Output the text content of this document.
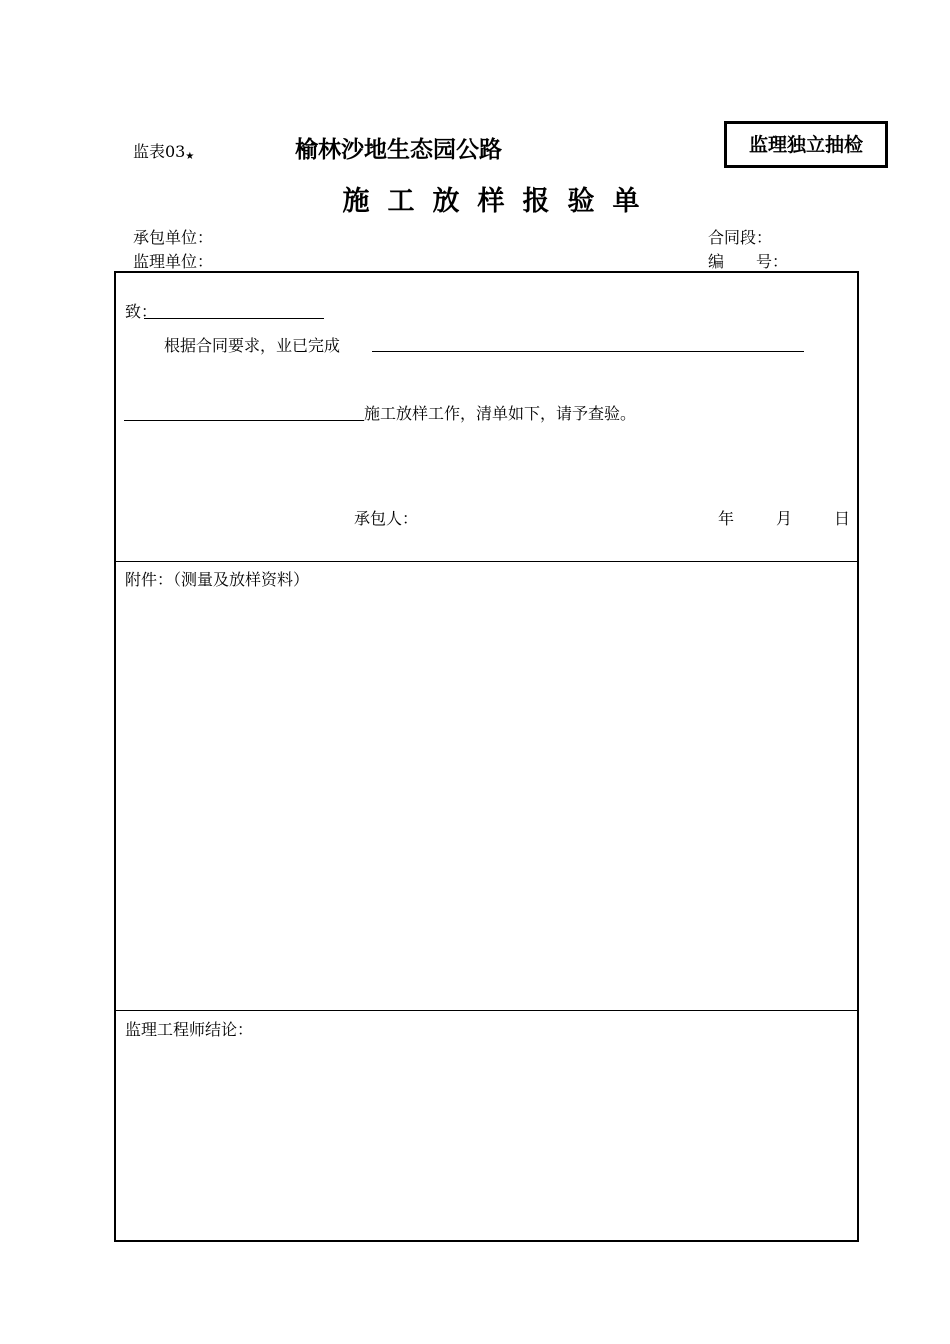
监表03★	榆林沙地生态园公路	监理独立抽检
施工放样报验单
承包单位：
监理单位：
合同段：
编　　号：
致：
根据合同要求，业已完成
施工放样工作，清单如下，请予查验。
承包人：	年	月	日
附件：（测量及放样资料）
监理工程师结论：
